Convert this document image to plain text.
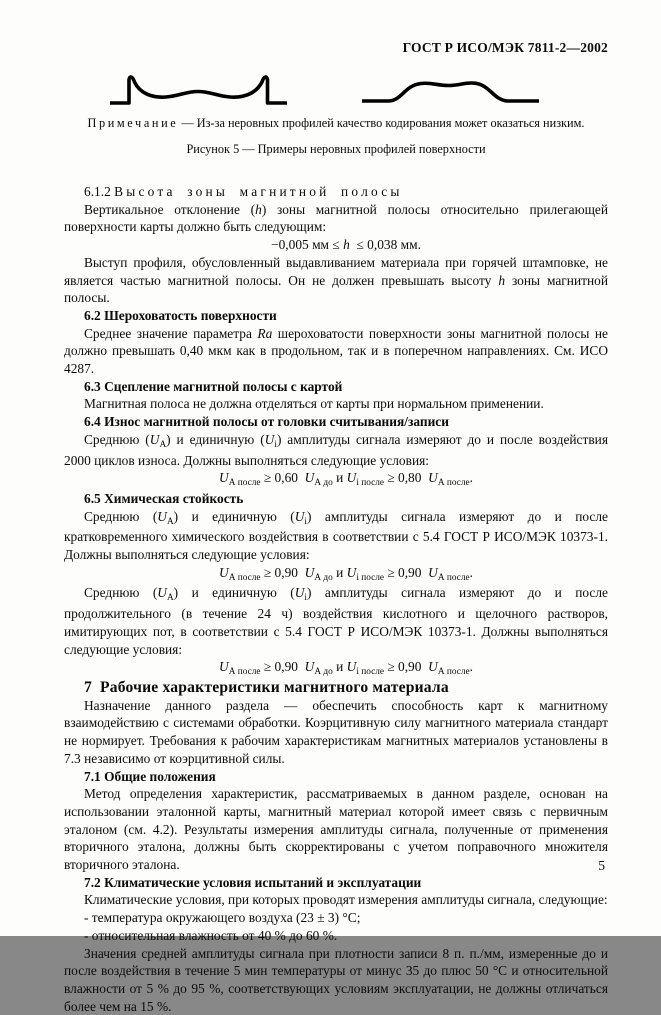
ГОСТ Р ИСО/МЭК 7811-2—2002
Примечание — Из-за неровных профилей качество кодирования может оказаться низким.
Рисунок 5 — Примеры неровных профилей поверхности

6.1.2 Высота зоны магнитной полосы

Вертикальное отклонение (h) зоны магнитной полосы относительно прилегающей поверхности карты должно быть следующим:

−0,005 мм ≤ h  ≤ 0,038 мм.

Выступ профиля, обусловленный выдавливанием материала при горячей штамповке, не является частью магнитной полосы. Он не должен превышать высоту h зоны магнитной полосы.

6.2 Шероховатость поверхности

Среднее значение параметра Ra шероховатости поверхности зоны магнитной полосы не должно превышать 0,40 мкм как в продольном, так и в поперечном направлениях. См. ИСО 4287.

6.3 Сцепление магнитной полосы с картой

Магнитная полоса не должна отделяться от карты при нормальном применении.

6.4 Износ магнитной полосы от головки считывания/записи

Среднюю $(U_А)$ и единичную $(U_i)$ амплитуды сигнала измеряют до и после воздействия 2000 циклов износа. Должны выполняться следующие условия:

$U_{А после} \ge 0,60$  $U_{А до}$ и $U_{i после} \ge 0,80$  $U_{А после}$.

6.5 Химическая стойкость

Среднюю $(U_А)$ и единичную $(U_i)$ амплитуды сигнала измеряют до и после кратковременного химического воздействия в соответствии с 5.4 ГОСТ Р ИСО/МЭК 10373-1. Должны выполняться следующие условия:

$U_{А после} \ge 0,90$  $U_{А до}$ и $U_{i после} \ge 0,90$  $U_{А после}$.

Среднюю $(U_А)$ и единичную $(U_i)$ амплитуды сигнала измеряют до и после продолжительного (в течение 24 ч) воздействия кислотного и щелочного растворов, имитирующих пот, в соответствии с 5.4 ГОСТ Р ИСО/МЭК 10373-1. Должны выполняться следующие условия:

$U_{А после} \ge 0,90$  $U_{А до}$ и $U_{i после} \ge 0,90$  $U_{А после}$.

7 Рабочие характеристики магнитного материала

Назначение данного раздела — обеспечить способность карт к магнитному взаимодействию с системами обработки. Коэрцитивную силу магнитного материала стандарт не нормирует. Требования к рабочим характеристикам магнитных материалов установлены в 7.3 независимо от коэрцитивной силы.

7.1 Общие положения

Метод определения характеристик, рассматриваемых в данном разделе, основан на использовании эталонной карты, магнитный материал которой имеет связь с первичным эталоном (см. 4.2). Результаты измерения амплитуды сигнала, полученные от применения вторичного эталона, должны быть скорректированы с учетом поправочного множителя вторичного эталона.

7.2 Климатические условия испытаний и эксплуатации

Климатические условия, при которых проводят измерения амплитуды сигнала, следующие:

- температура окружающего воздуха (23 ± 3) °С;

- относительная влажность от 40 % до 60 %.

Значения средней амплитуды сигнала при плотности записи 8 п. п./мм, измеренные до и после воздействия в течение 5 мин температуры от минус 35 до плюс 50 °С и относительной влажности от 5 % до 95 %, соответствующих условиям эксплуатации, не должны отличаться более чем на 15 %.

5
